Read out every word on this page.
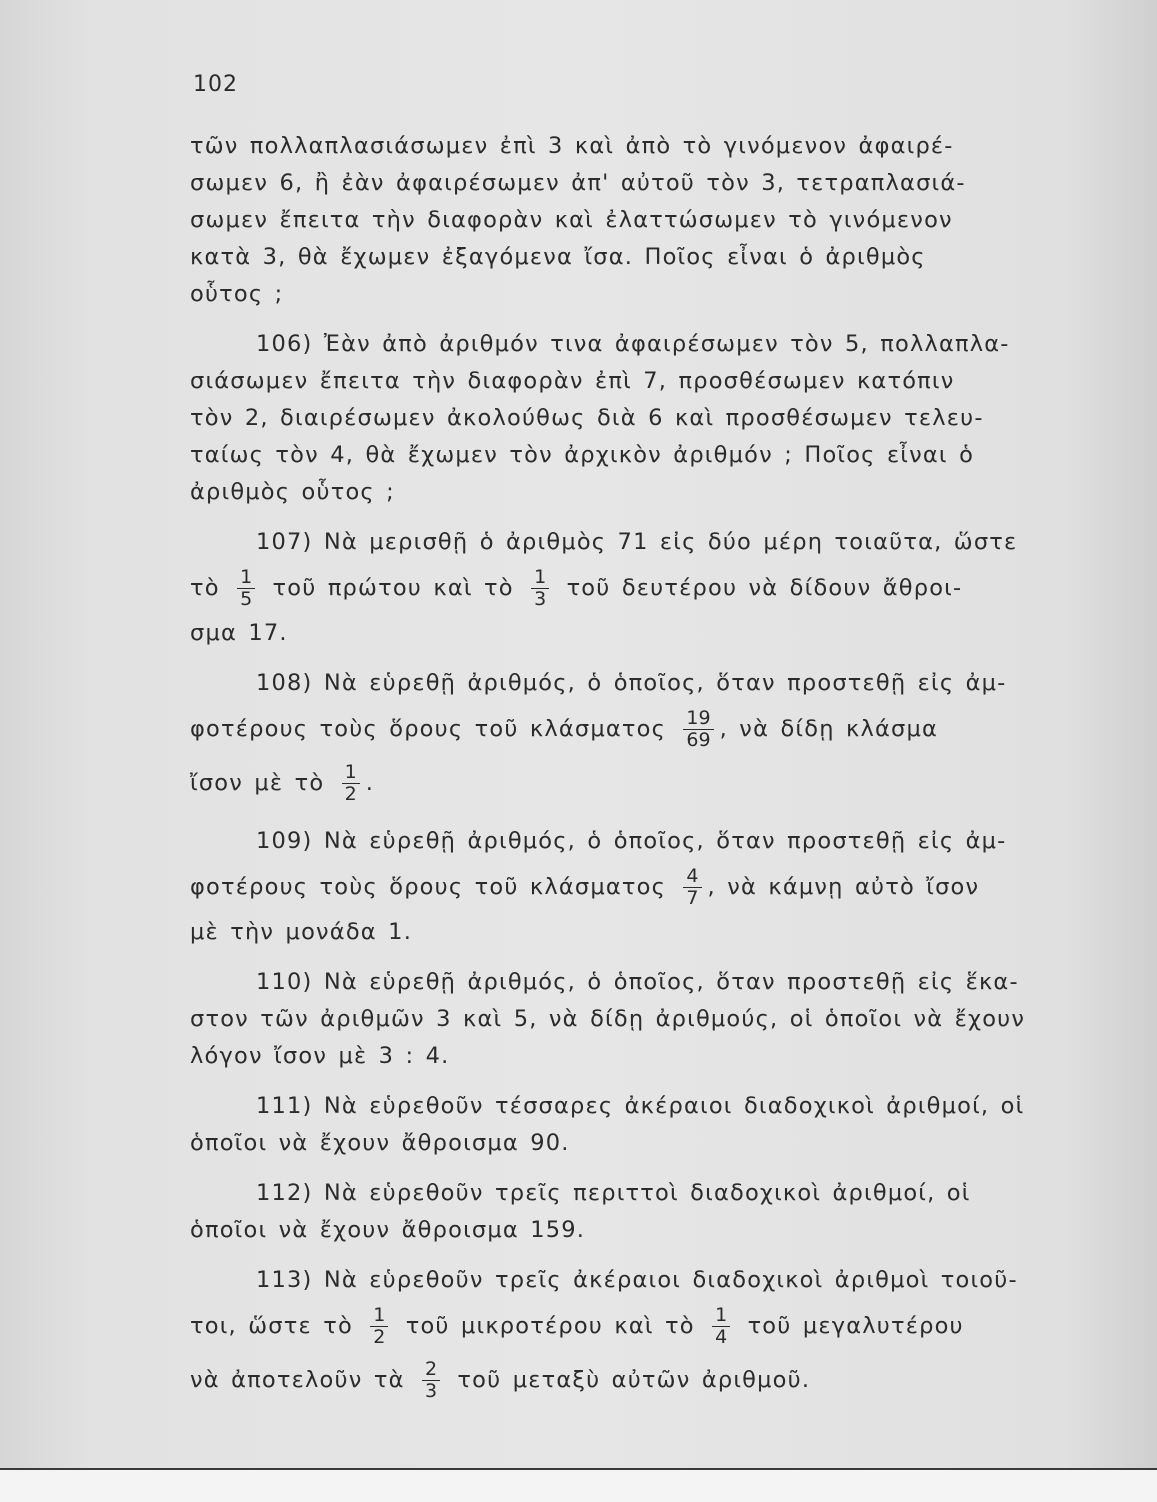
102
τῶν πολλαπλασιάσωμεν ἐπὶ 3 καὶ ἀπὸ τὸ γινόμενον ἀφαιρέ-
σωμεν 6, ἢ ἐὰν ἀφαιρέσωμεν ἀπ' αὐτοῦ τὸν 3, τετραπλασιά-
σωμεν ἔπειτα τὴν διαφορὰν καὶ ἐλαττώσωμεν τὸ γινόμενον
κατὰ 3, θὰ ἔχωμεν ἐξαγόμενα ἴσα. Ποῖος εἶναι ὁ ἀριθμὸς
οὗτος ;
106) Ἐὰν ἀπὸ ἀριθμόν τινα ἀφαιρέσωμεν τὸν 5, πολλαπλα-
σιάσωμεν ἔπειτα τὴν διαφορὰν ἐπὶ 7, προσθέσωμεν κατόπιν
τὸν 2, διαιρέσωμεν ἀκολούθως διὰ 6 καὶ προσθέσωμεν τελευ-
ταίως τὸν 4, θὰ ἔχωμεν τὸν ἀρχικὸν ἀριθμόν ; Ποῖος εἶναι ὁ
ἀριθμὸς οὗτος ;
107) Νὰ μερισθῇ ὁ ἀριθμὸς 71 εἰς δύο μέρη τοιαῦτα, ὥστε
τὸ $\frac{1}{5}$ τοῦ πρώτου καὶ τὸ $\frac{1}{3}$ τοῦ δευτέρου νὰ δίδουν ἄθροι-
σμα 17.
108) Νὰ εὑρεθῇ ἀριθμός, ὁ ὁποῖος, ὅταν προστεθῇ εἰς ἀμ-
φοτέρους τοὺς ὅρους τοῦ κλάσματος $\frac{19}{69}$ , νὰ δίδῃ κλάσμα
ἴσον μὲ τὸ $\frac{1}{2}$ .
109) Νὰ εὑρεθῇ ἀριθμός, ὁ ὁποῖος, ὅταν προστεθῇ εἰς ἀμ-
φοτέρους τοὺς ὅρους τοῦ κλάσματος $\frac{4}{7}$ , νὰ κάμνῃ αὐτὸ ἴσον
μὲ τὴν μονάδα 1.
110) Νὰ εὑρεθῇ ἀριθμός, ὁ ὁποῖος, ὅταν προστεθῇ εἰς ἕκα-
στον τῶν ἀριθμῶν 3 καὶ 5, νὰ δίδῃ ἀριθμούς, οἱ ὁποῖοι νὰ ἔχουν
λόγον ἴσον μὲ 3 : 4.
111) Νὰ εὑρεθοῦν τέσσαρες ἀκέραιοι διαδοχικοὶ ἀριθμοί, οἱ
ὁποῖοι νὰ ἔχουν ἄθροισμα 90.
112) Νὰ εὑρεθοῦν τρεῖς περιττοὶ διαδοχικοὶ ἀριθμοί, οἱ
ὁποῖοι νὰ ἔχουν ἄθροισμα 159.
113) Νὰ εὑρεθοῦν τρεῖς ἀκέραιοι διαδοχικοὶ ἀριθμοὶ τοιοῦ-
τοι, ὥστε τὸ $\frac{1}{2}$ τοῦ μικροτέρου καὶ τὸ $\frac{1}{4}$ τοῦ μεγαλυτέρου
νὰ ἀποτελοῦν τὰ $\frac{2}{3}$ τοῦ μεταξὺ αὐτῶν ἀριθμοῦ.
